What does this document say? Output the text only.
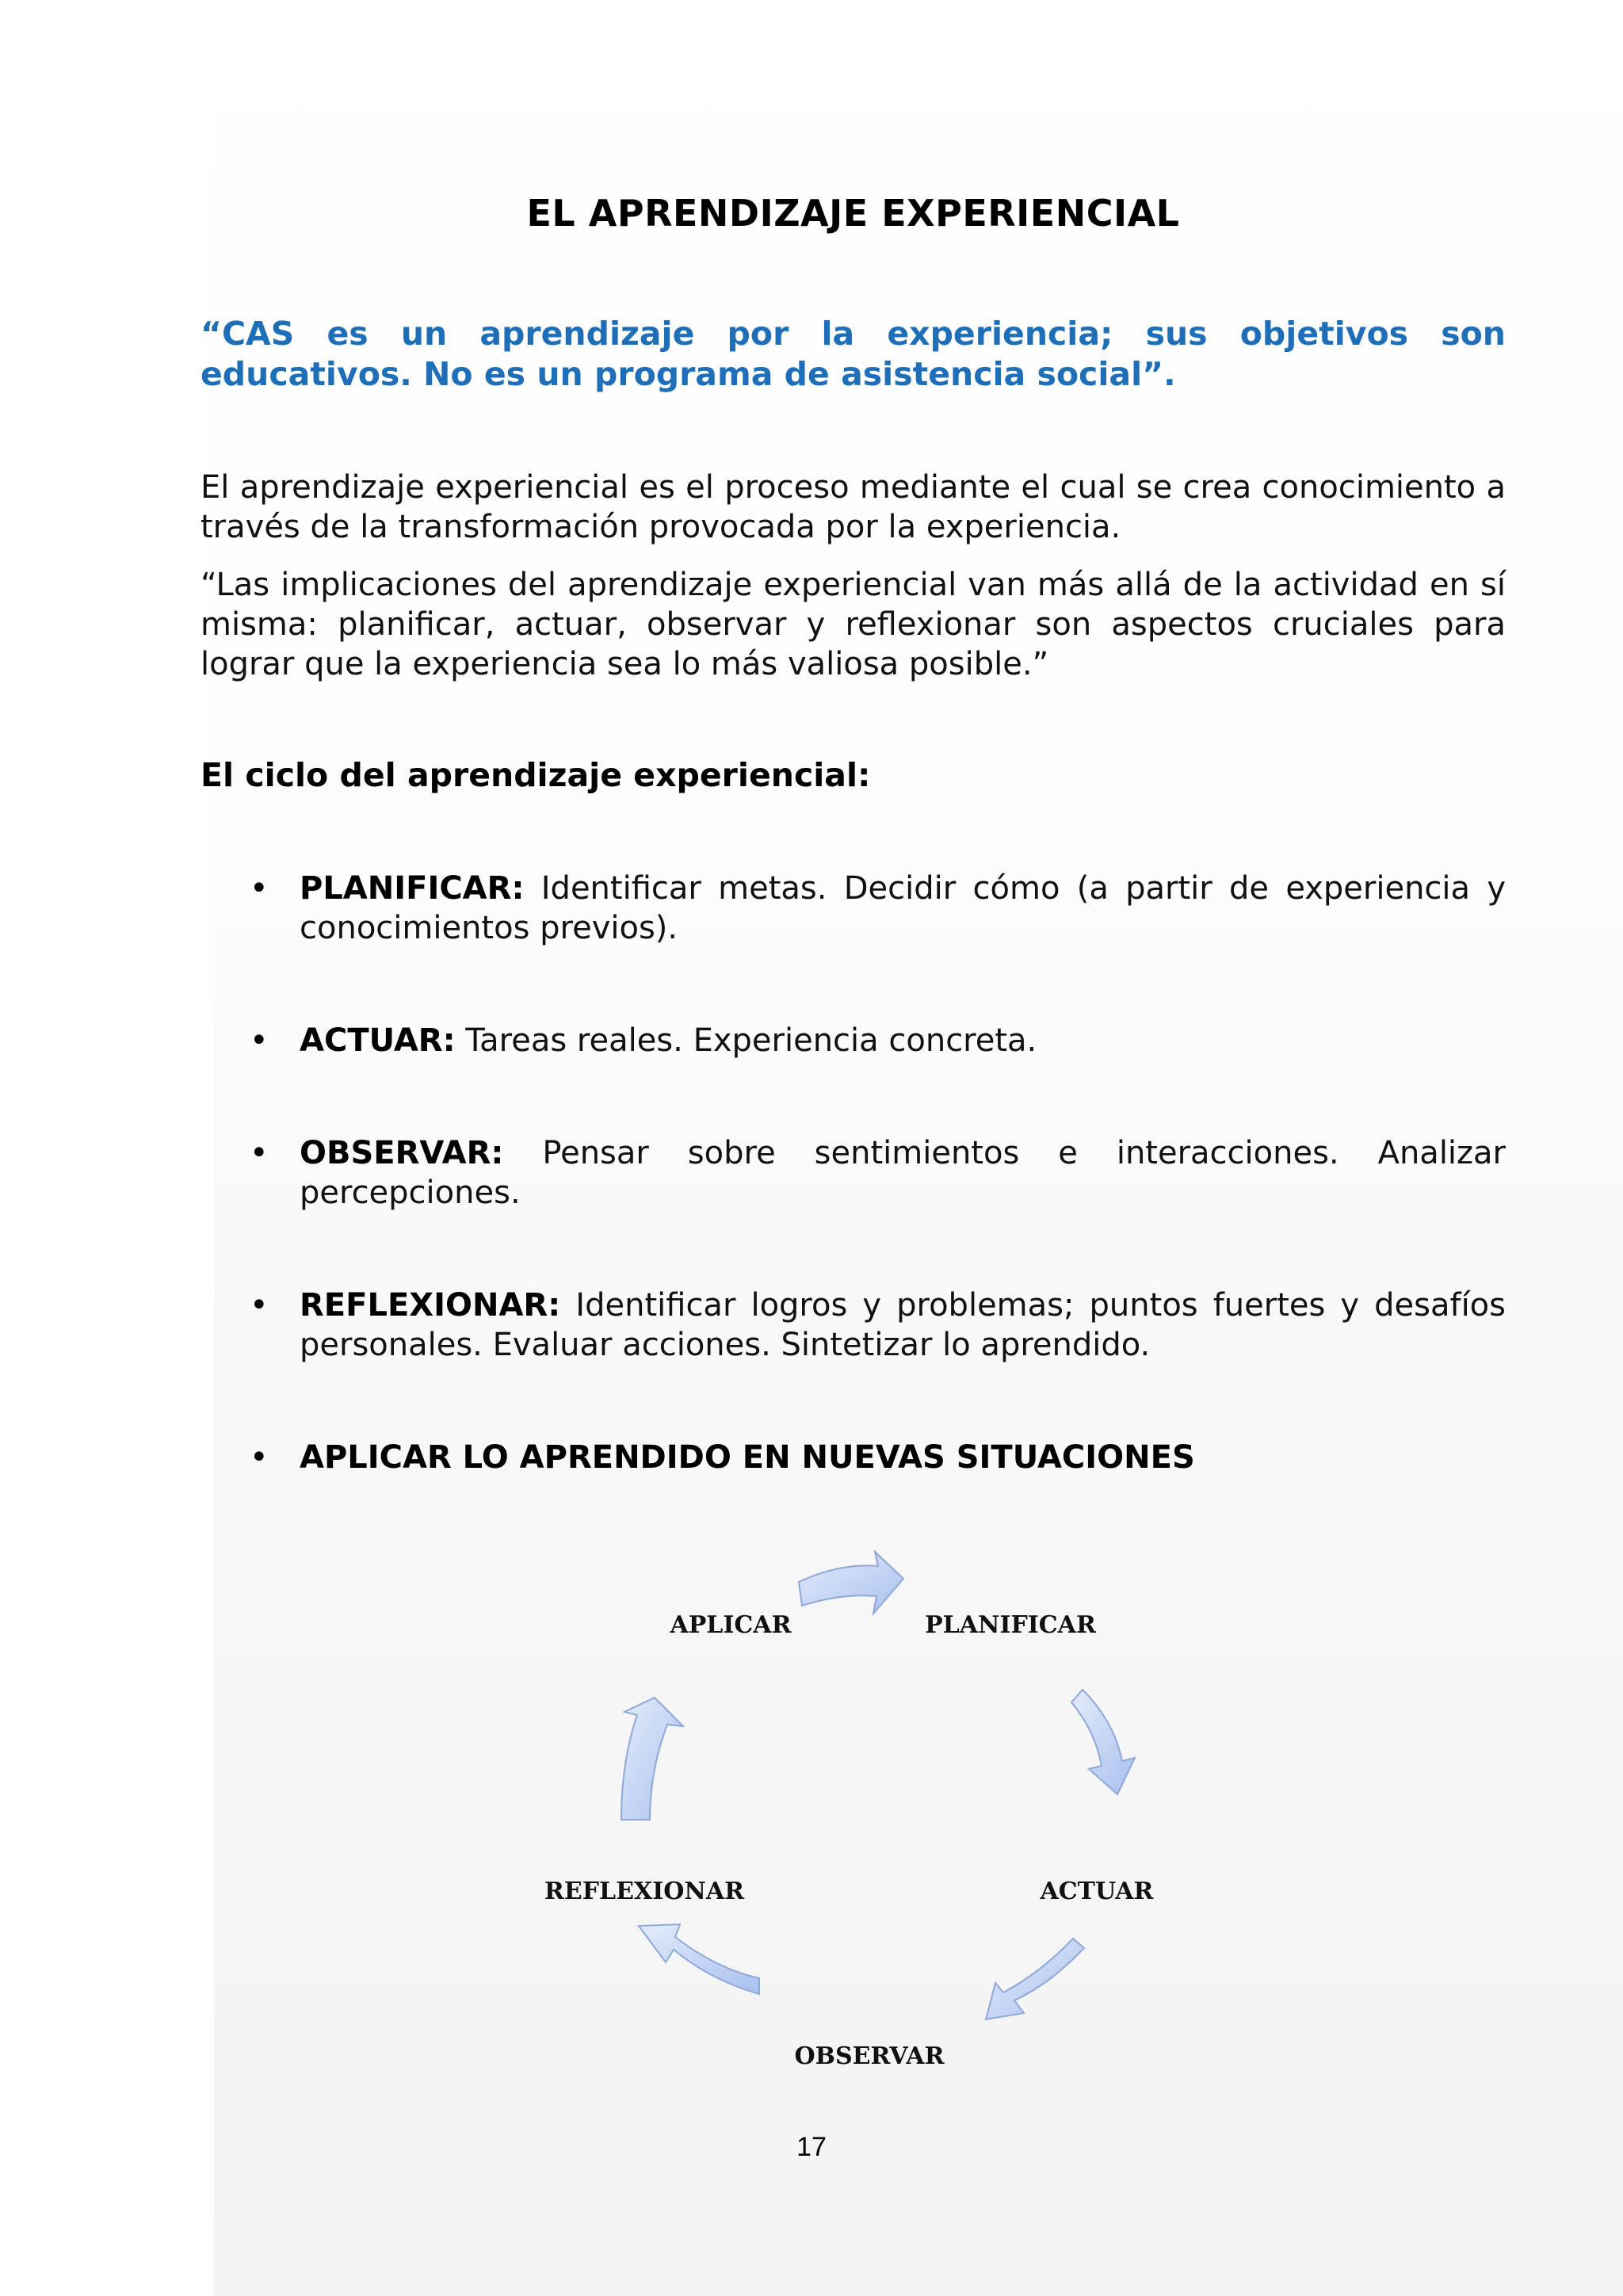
EL APRENDIZAJE EXPERIENCIAL

“CAS es un aprendizaje por la experiencia; sus objetivos son educativos. No es un programa de asistencia social”.

El aprendizaje experiencial es el proceso mediante el cual se crea conocimiento a través de la transformación provocada por la experiencia.

“Las implicaciones del aprendizaje experiencial van más allá de la actividad en sí misma: planificar, actuar, observar y reflexionar son aspectos cruciales para lograr que la experiencia sea lo más valiosa posible.”

El ciclo del aprendizaje experiencial:

• PLANIFICAR: Identificar metas. Decidir cómo (a partir de experiencia y conocimientos previos).

• ACTUAR: Tareas reales. Experiencia concreta.

• OBSERVAR: Pensar sobre sentimientos e interacciones. Analizar percepciones.

• REFLEXIONAR: Identificar logros y problemas; puntos fuertes y desafíos personales. Evaluar acciones. Sintetizar lo aprendido.

• APLICAR LO APRENDIDO EN NUEVAS SITUACIONES

APLICAR	PLANIFICAR
ACTUAR
OBSERVAR
REFLEXIONAR
17
